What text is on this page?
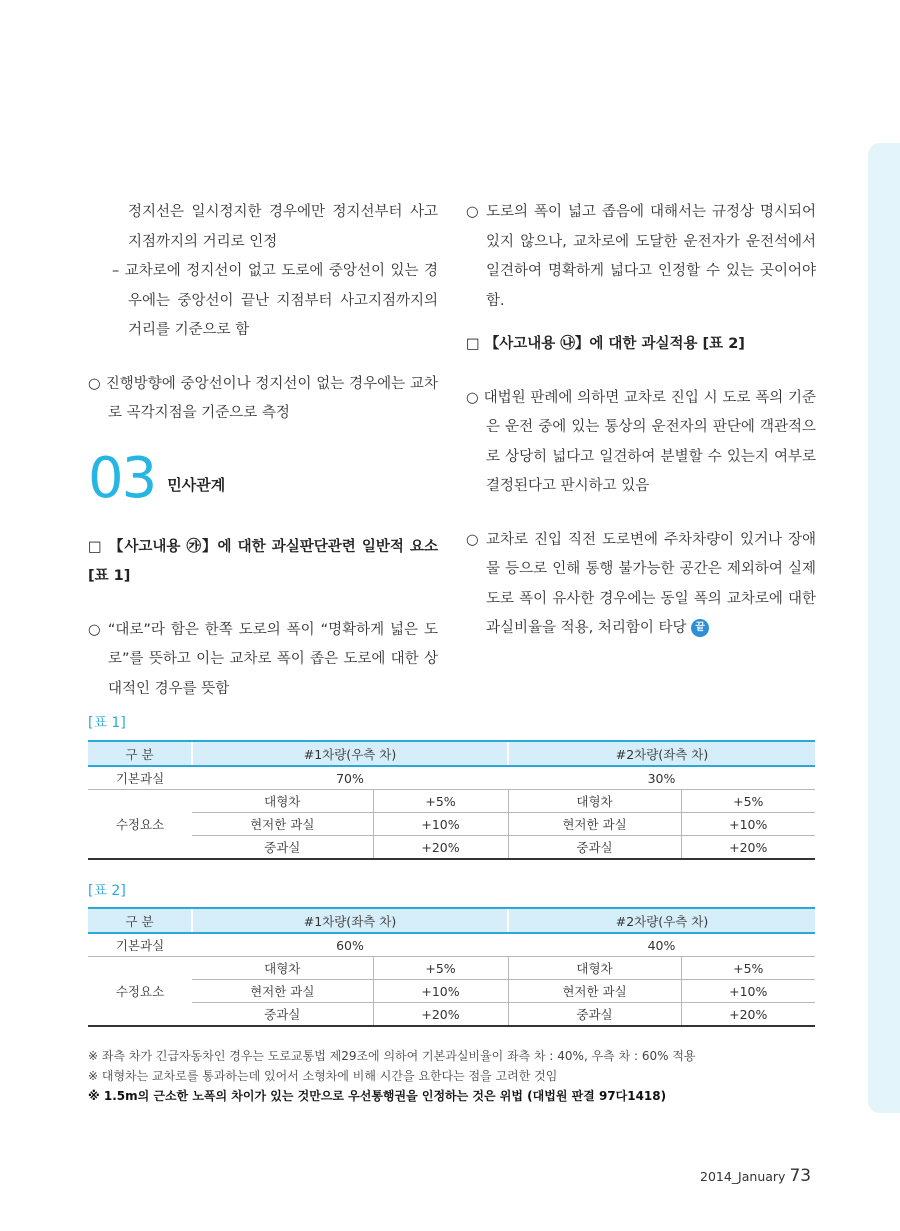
정지선은 일시정지한 경우에만 정지선부터 사고지점까지의 거리로 인정

– 교차로에 정지선이 없고 도로에 중앙선이 있는 경우에는 중앙선이 끝난 지점부터 사고지점까지의 거리를 기준으로 함

○ 진행방향에 중앙선이나 정지선이 없는 경우에는 교차로 곡각지점을 기준으로 측정

03 민사관계

□ 【사고내용 ㉮】에 대한 과실판단관련 일반적 요소 [표 1]

○ “대로”라 함은 한쪽 도로의 폭이 “명확하게 넓은 도로”를 뜻하고 이는 교차로 폭이 좁은 도로에 대한 상대적인 경우를 뜻함

○ 도로의 폭이 넓고 좁음에 대해서는 규정상 명시되어 있지 않으나, 교차로에 도달한 운전자가 운전석에서 일견하여 명확하게 넓다고 인정할 수 있는 곳이어야 함.

□ 【사고내용 ㉯】에 대한 과실적용 [표 2]

○ 대법원 판례에 의하면 교차로 진입 시 도로 폭의 기준은 운전 중에 있는 통상의 운전자의 판단에 객관적으로 상당히 넓다고 일견하여 분별할 수 있는지 여부로 결정된다고 판시하고 있음

○ 교차로 진입 직전 도로변에 주차차량이 있거나 장애물 등으로 인해 통행 불가능한 공간은 제외하여 실제 도로 폭이 유사한 경우에는 동일 폭의 교차로에 대한 과실비율을 적용, 처리함이 타당 끝

[표 1]
구 분	#1차량(우측 차)		#2차량(좌측 차)	
기본과실	70%		30%	
수정요소	대형차	+5%	대형차	+5%
	현저한 과실	+10%	현저한 과실	+10%
	중과실	+20%	중과실	+20%
[표 2]
구 분	#1차량(좌측 차)		#2차량(우측 차)	
기본과실	60%		40%	
수정요소	대형차	+5%	대형차	+5%
	현저한 과실	+10%	현저한 과실	+10%
	중과실	+20%	중과실	+20%
※ 좌측 차가 긴급자동차인 경우는 도로교통법 제29조에 의하여 기본과실비율이 좌측 차 : 40%, 우측 차 : 60% 적용
※ 대형차는 교차로를 통과하는데 있어서 소형차에 비해 시간을 요한다는 점을 고려한 것임
※ 1.5m의 근소한 노폭의 차이가 있는 것만으로 우선통행권을 인정하는 것은 위법 (대법원 판결 97다1418)
2014_January 73
